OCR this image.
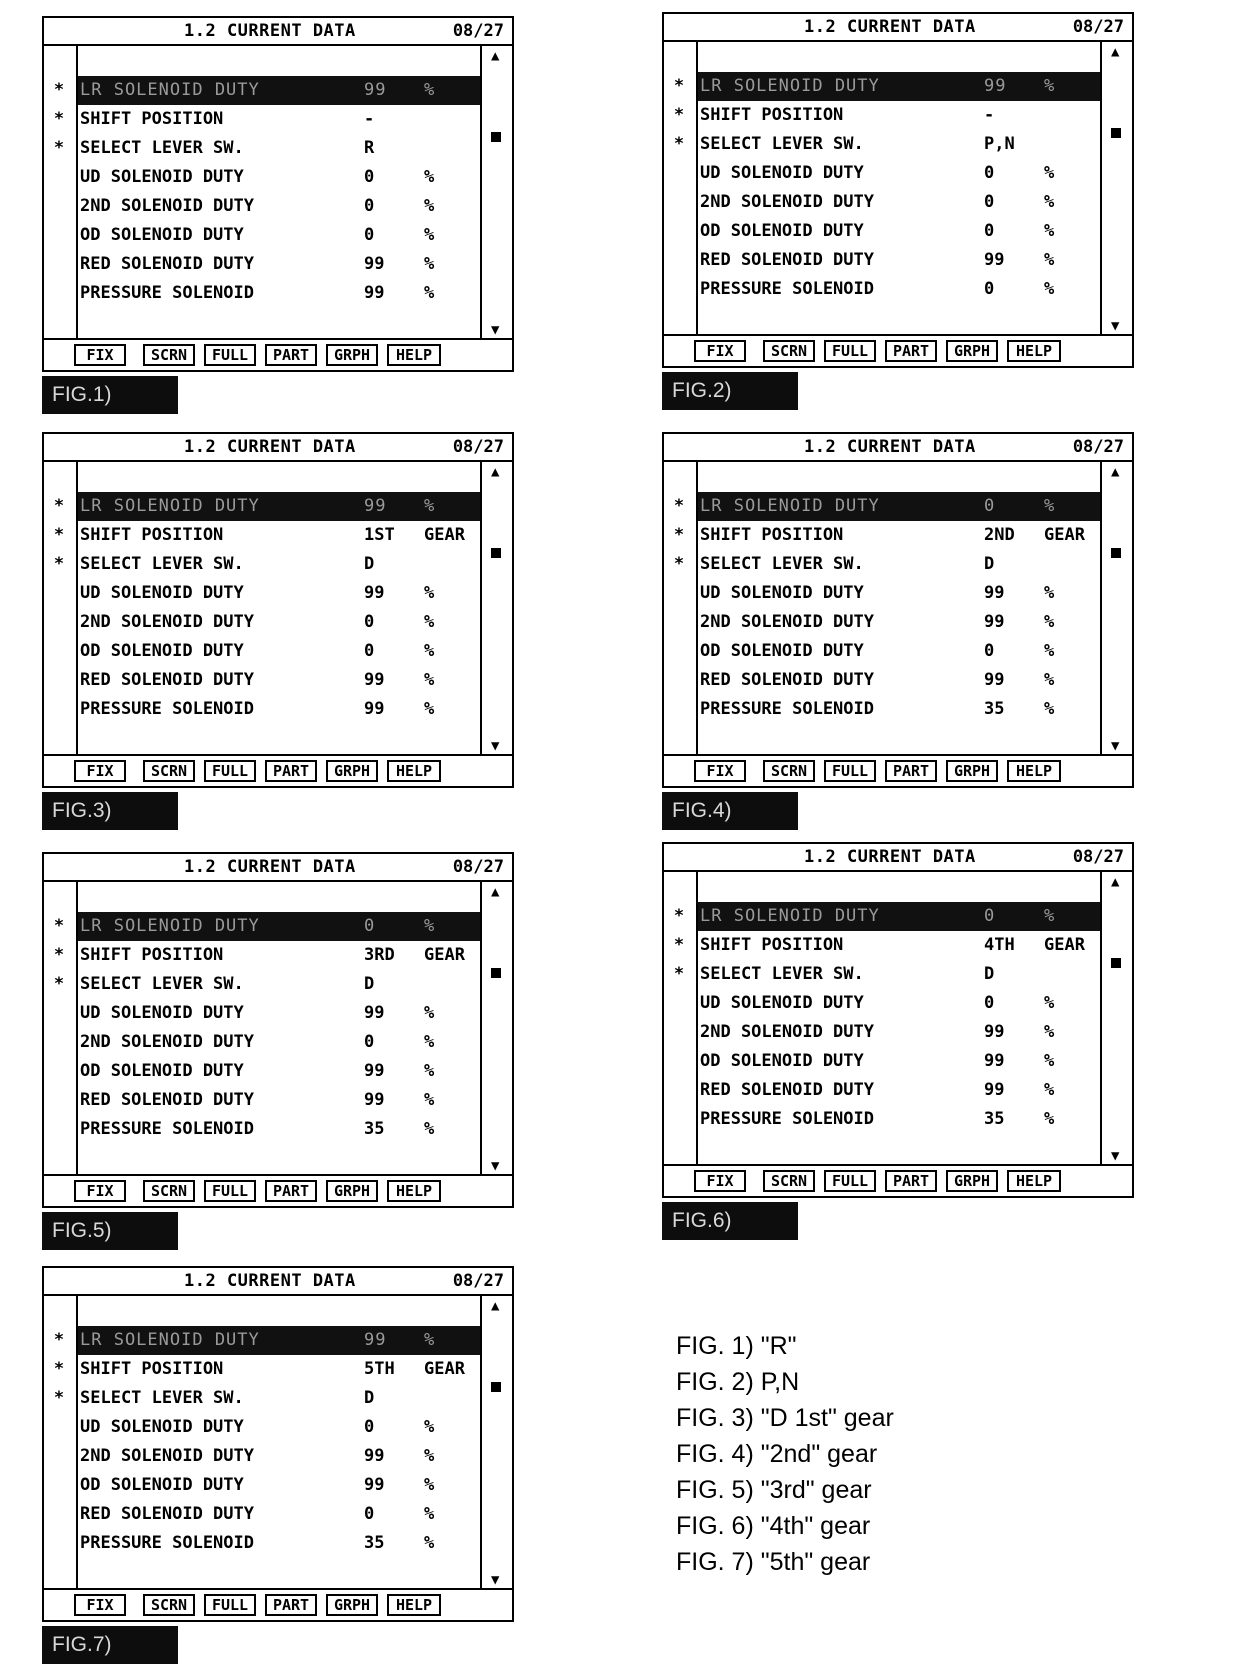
1.2 CURRENT DATA	08/27
▲
▼
* LR SOLENOID DUTY	99 %
* SHIFT POSITION	-
* SELECT LEVER SW.	R
UD SOLENOID DUTY	0	%
2ND SOLENOID DUTY	0	%
OD SOLENOID DUTY	0	%
RED SOLENOID DUTY	99 %
PRESSURE SOLENOID	99 %
FIX	SCRN	FULL	PART	GRPH	HELP
FIG.1)
1.2 CURRENT DATA	08/27
▲
▼
* LR SOLENOID DUTY	99 %
* SHIFT POSITION	-
* SELECT LEVER SW.	P,N
UD SOLENOID DUTY	0	%
2ND SOLENOID DUTY	0	%
OD SOLENOID DUTY	0	%
RED SOLENOID DUTY	99 %
PRESSURE SOLENOID	0	%
FIX	SCRN	FULL	PART	GRPH	HELP
FIG.2)
1.2 CURRENT DATA	08/27
▲
▼
* LR SOLENOID DUTY	99 %
* SHIFT POSITION	1ST GEAR
* SELECT LEVER SW.	D
UD SOLENOID DUTY	99 %
2ND SOLENOID DUTY	0	%
OD SOLENOID DUTY	0	%
RED SOLENOID DUTY	99 %
PRESSURE SOLENOID	99 %
FIX	SCRN	FULL	PART	GRPH	HELP
FIG.3)
1.2 CURRENT DATA	08/27
▲
▼
* LR SOLENOID DUTY	0	%
* SHIFT POSITION	2ND GEAR
* SELECT LEVER SW.	D
UD SOLENOID DUTY	99 %
2ND SOLENOID DUTY	99 %
OD SOLENOID DUTY	0	%
RED SOLENOID DUTY	99 %
PRESSURE SOLENOID	35 %
FIX	SCRN	FULL	PART	GRPH	HELP
FIG.4)
1.2 CURRENT DATA	08/27
▲
▼
* LR SOLENOID DUTY	0	%
* SHIFT POSITION	3RD GEAR
* SELECT LEVER SW.	D
UD SOLENOID DUTY	99 %
2ND SOLENOID DUTY	0	%
OD SOLENOID DUTY	99 %
RED SOLENOID DUTY	99 %
PRESSURE SOLENOID	35 %
FIX	SCRN	FULL	PART	GRPH	HELP
FIG.5)
1.2 CURRENT DATA	08/27
▲
▼
* LR SOLENOID DUTY	0	%
* SHIFT POSITION	4TH GEAR
* SELECT LEVER SW.	D
UD SOLENOID DUTY	0	%
2ND SOLENOID DUTY	99 %
OD SOLENOID DUTY	99 %
RED SOLENOID DUTY	99 %
PRESSURE SOLENOID	35 %
FIX	SCRN	FULL	PART	GRPH	HELP
FIG.6)
1.2 CURRENT DATA	08/27
▲
▼
* LR SOLENOID DUTY	99 %
* SHIFT POSITION	5TH GEAR
* SELECT LEVER SW.	D
UD SOLENOID DUTY	0	%
2ND SOLENOID DUTY	99 %
OD SOLENOID DUTY	99 %
RED SOLENOID DUTY	0	%
PRESSURE SOLENOID	35 %
FIX	SCRN	FULL	PART	GRPH	HELP
FIG.7)
FIG. 1) "R"
FIG. 2) P,N
FIG. 3) "D 1st" gear
FIG. 4) "2nd" gear
FIG. 5) "3rd" gear
FIG. 6) "4th" gear
FIG. 7) "5th" gear
